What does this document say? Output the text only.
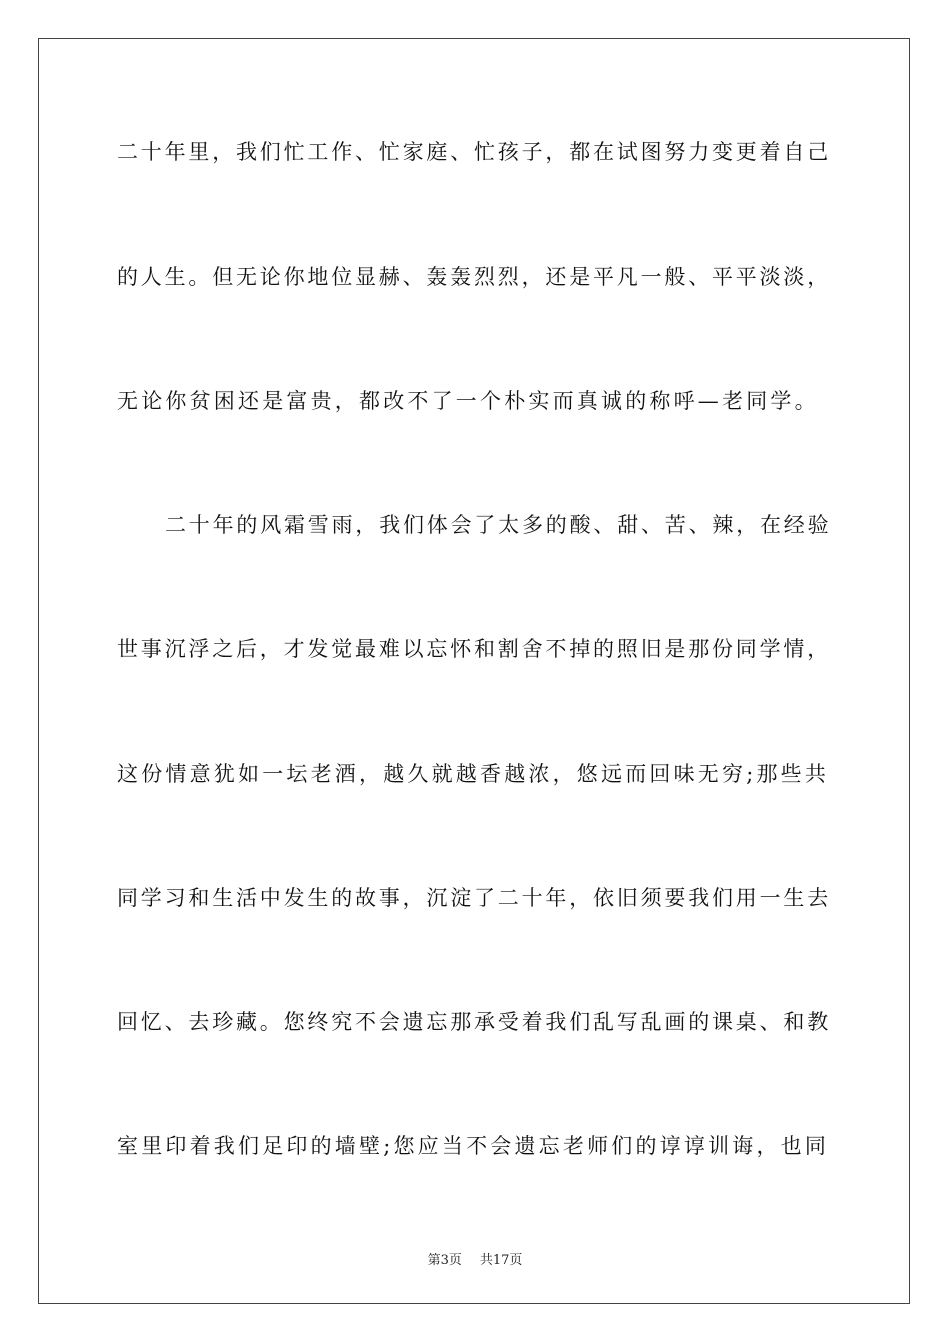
二十年里，我们忙工作、忙家庭、忙孩子，都在试图努力变更着自己
的人生。但无论你地位显赫、轰轰烈烈，还是平凡一般、平平淡淡，
无论你贫困还是富贵，都改不了一个朴实而真诚的称呼—老同学。
二十年的风霜雪雨，我们体会了太多的酸、甜、苦、辣，在经验
世事沉浮之后，才发觉最难以忘怀和割舍不掉的照旧是那份同学情，
这份情意犹如一坛老酒，越久就越香越浓，悠远而回味无穷;那些共
同学习和生活中发生的故事，沉淀了二十年，依旧须要我们用一生去
回忆、去珍藏。您终究不会遗忘那承受着我们乱写乱画的课桌、和教
室里印着我们足印的墙壁;您应当不会遗忘老师们的谆谆训诲，也同
第3页 共17页
